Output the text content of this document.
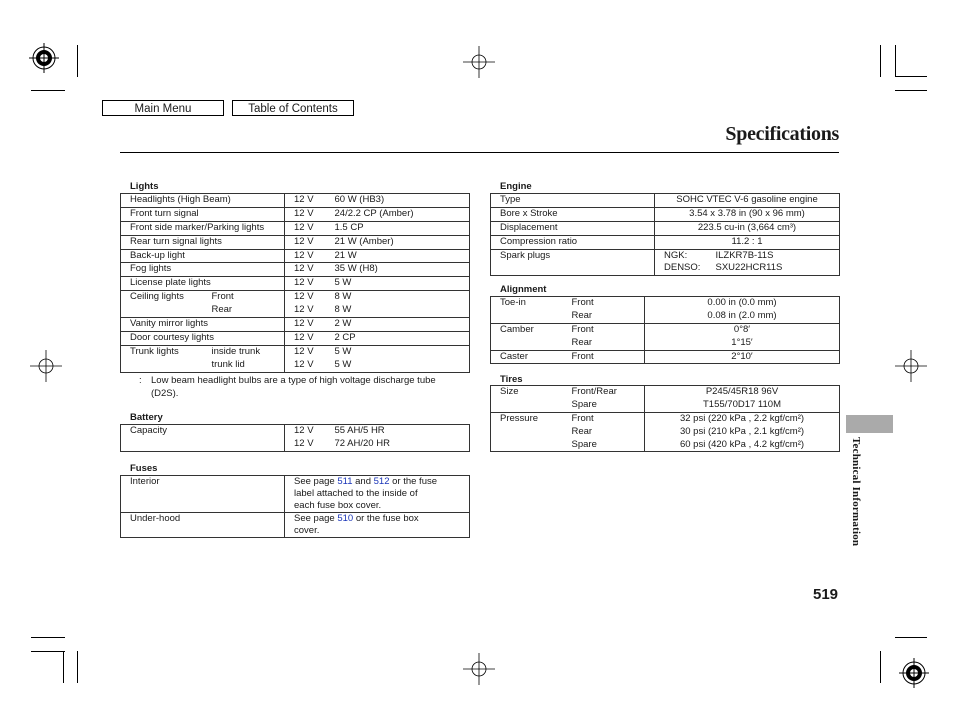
Main Menu	Table of Contents
Specifications
Lights
Headlights (High Beam)		12 V	60 W (HB3)
Front turn signal		12 V	24/2.2 CP (Amber)
Front side marker/Parking lights		12 V	1.5 CP
Rear turn signal lights		12 V	21 W (Amber)
Back-up light		12 V	21 W
Fog lights		12 V	35 W (H8)
License plate lights		12 V	5 W
Ceiling lights	Front	12 V	8 W
	Rear	12 V	8 W
Vanity mirror lights		12 V	2 W
Door courtesy lights		12 V	2 CP
Trunk lights	inside trunk	12 V	5 W
	trunk lid	12 V	5 W
: Low beam headlight bulbs are a type of high voltage discharge tube (D2S).
Battery
Capacity	12 V	55 AH/5 HR
	12 V	72 AH/20 HR
Fuses
Interior	See page 511 and 512 or the fuse
label attached to the inside of
each fuse box cover.
Under-hood	See page 510 or the fuse box
cover.
Engine
Type	SOHC VTEC V-6 gasoline engine	
Bore x Stroke	3.54 x 3.78 in (90 x 96 mm)	
Displacement	223.5 cu-in (3,664 cm³)	
Compression ratio	11.2 : 1	
Spark plugs	NGK:	ILZKR7B-11S
	DENSO:	SXU22HCR11S
Alignment
Toe-in	Front	0.00 in (0.0 mm)
	Rear	0.08 in (2.0 mm)
Camber	Front	0°8′
	Rear	1°15′
Caster	Front	2°10′
Tires
Size	Front/Rear	P245/45R18 96V
	Spare	T155/70D17 110M
Pressure	Front	32 psi (220 kPa , 2.2 kgf/cm²)
	Rear	30 psi (210 kPa , 2.1 kgf/cm²)
	Spare	60 psi (420 kPa , 4.2 kgf/cm²)	Technical Information
519
